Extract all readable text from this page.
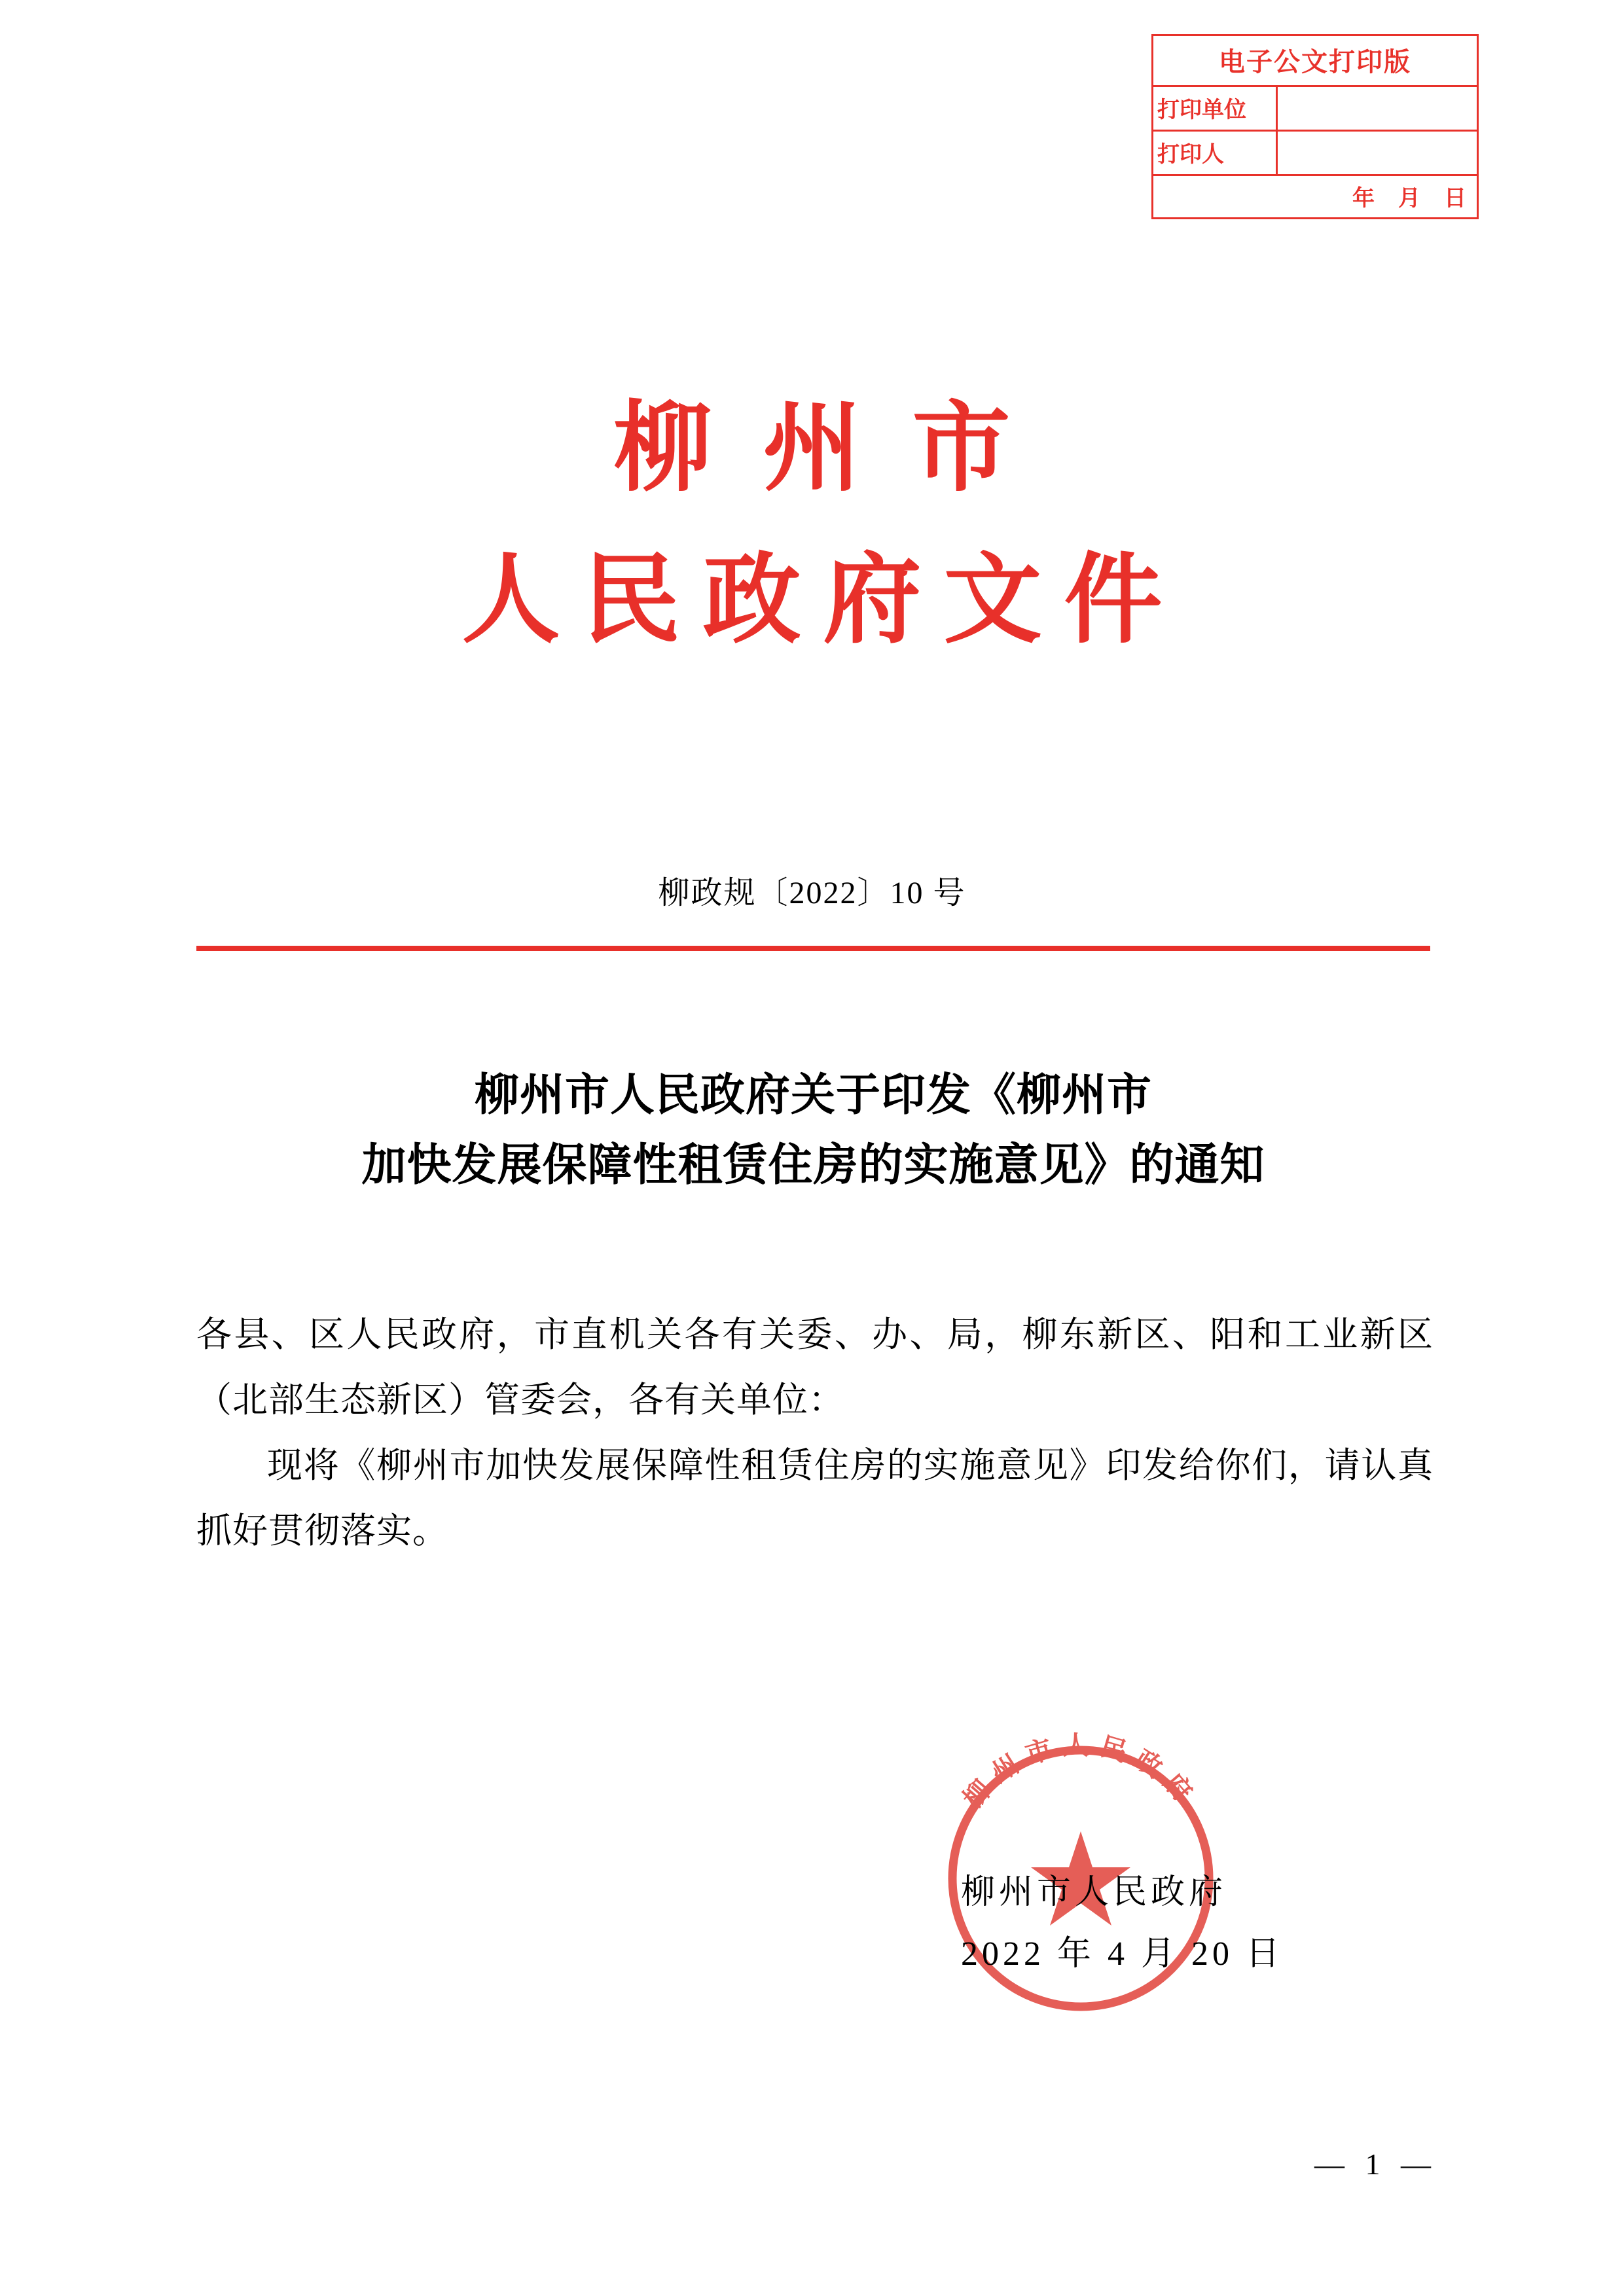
电子公文打印版
打印单位
打印人
年 月 日
柳州市
人民政府文件
柳政规〔2022〕10 号
柳州市人民政府关于印发《柳州市
加快发展保障性租赁住房的实施意见》的通知

各县、区人民政府，市直机关各有关委、办、局，柳东新区、阳和工业新区（北部生态新区）管委会，各有关单位：

现将《柳州市加快发展保障性租赁住房的实施意见》印发给你们，请认真抓好贯彻落实。

柳州市人民政府
柳州市人民政府
2022 年 4 月 20 日
— 1 —
